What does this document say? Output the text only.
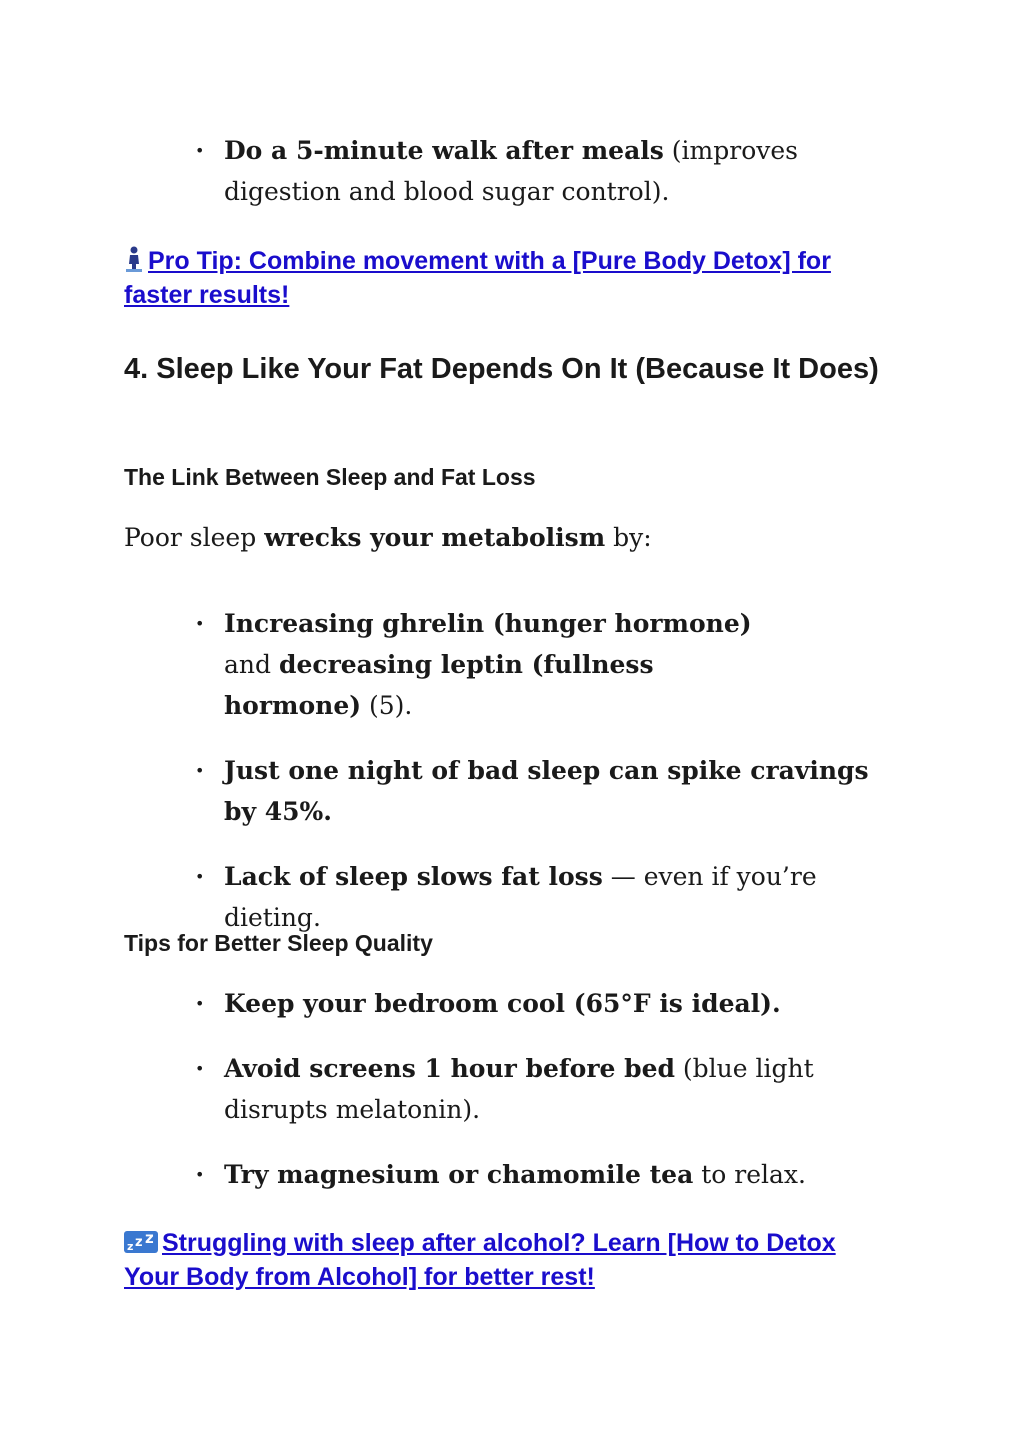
• Do a 5-minute walk after meals (improves digestion and blood sugar control).
Pro Tip: Combine movement with a [Pure Body Detox] for faster results!
4. Sleep Like Your Fat Depends On It (Because It Does)
The Link Between Sleep and Fat Loss

Poor sleep wrecks your metabolism by:

• Increasing ghrelin (hunger hormone) and decreasing leptin (fullness hormone) (5).
• Just one night of bad sleep can spike cravings by 45%.
• Lack of sleep slows fat loss — even if you’re dieting.
Tips for Better Sleep Quality
• Keep your bedroom cool (65°F is ideal).
• Avoid screens 1 hour before bed (blue light disrupts melatonin).
• Try magnesium or chamomile tea to relax.
z z z Struggling with sleep after alcohol? Learn [How to Detox Your Body from Alcohol] for better rest!
